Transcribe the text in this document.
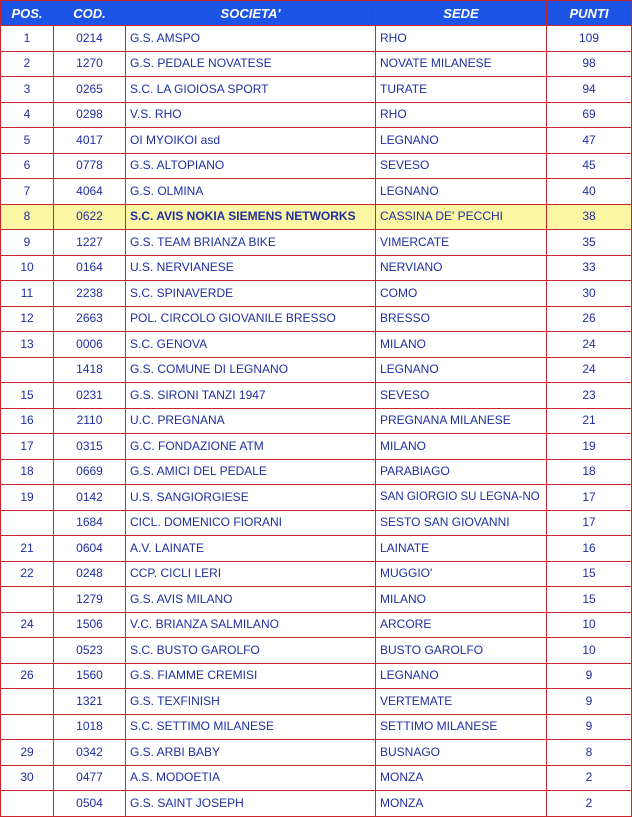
POS.	COD.	SOCIETA'	SEDE	PUNTI
1	0214	G.S. AMSPO	RHO	109
2	1270	G.S. PEDALE NOVATESE	NOVATE MILANESE	98
3	0265	S.C. LA GIOIOSA SPORT	TURATE	94
4	0298	V.S. RHO	RHO	69
5	4017	OI MYOIKOI asd	LEGNANO	47
6	0778	G.S. ALTOPIANO	SEVESO	45
7	4064	G.S. OLMINA	LEGNANO	40
8	0622	S.C. AVIS NOKIA SIEMENS NETWORKS	CASSINA DE' PECCHI	38
9	1227	G.S. TEAM BRIANZA BIKE	VIMERCATE	35
10	0164	U.S. NERVIANESE	NERVIANO	33
11	2238	S.C. SPINAVERDE	COMO	30
12	2663	POL. CIRCOLO GIOVANILE BRESSO	BRESSO	26
13	0006	S.C. GENOVA	MILANO	24
	1418	G.S. COMUNE DI LEGNANO	LEGNANO	24
15	0231	G.S. SIRONI TANZI 1947	SEVESO	23
16	2110	U.C. PREGNANA	PREGNANA MILANESE	21
17	0315	G.C. FONDAZIONE ATM	MILANO	19
18	0669	G.S. AMICI DEL PEDALE	PARABIAGO	18
19	0142	U.S. SANGIORGIESE	SAN GIORGIO SU LEGNA-NO	17
	1684	CICL. DOMENICO FIORANI	SESTO SAN GIOVANNI	17
21	0604	A.V. LAINATE	LAINATE	16
22	0248	CCP. CICLI LERI	MUGGIO'	15
	1279	G.S. AVIS MILANO	MILANO	15
24	1506	V.C. BRIANZA SALMILANO	ARCORE	10
	0523	S.C. BUSTO GAROLFO	BUSTO GAROLFO	10
26	1560	G.S. FIAMME CREMISI	LEGNANO	9
	1321	G.S. TEXFINISH	VERTEMATE	9
	1018	S.C. SETTIMO MILANESE	SETTIMO MILANESE	9
29	0342	G.S. ARBI BABY	BUSNAGO	8
30	0477	A.S. MODOETIA	MONZA	2
	0504	G.S. SAINT JOSEPH	MONZA	2
